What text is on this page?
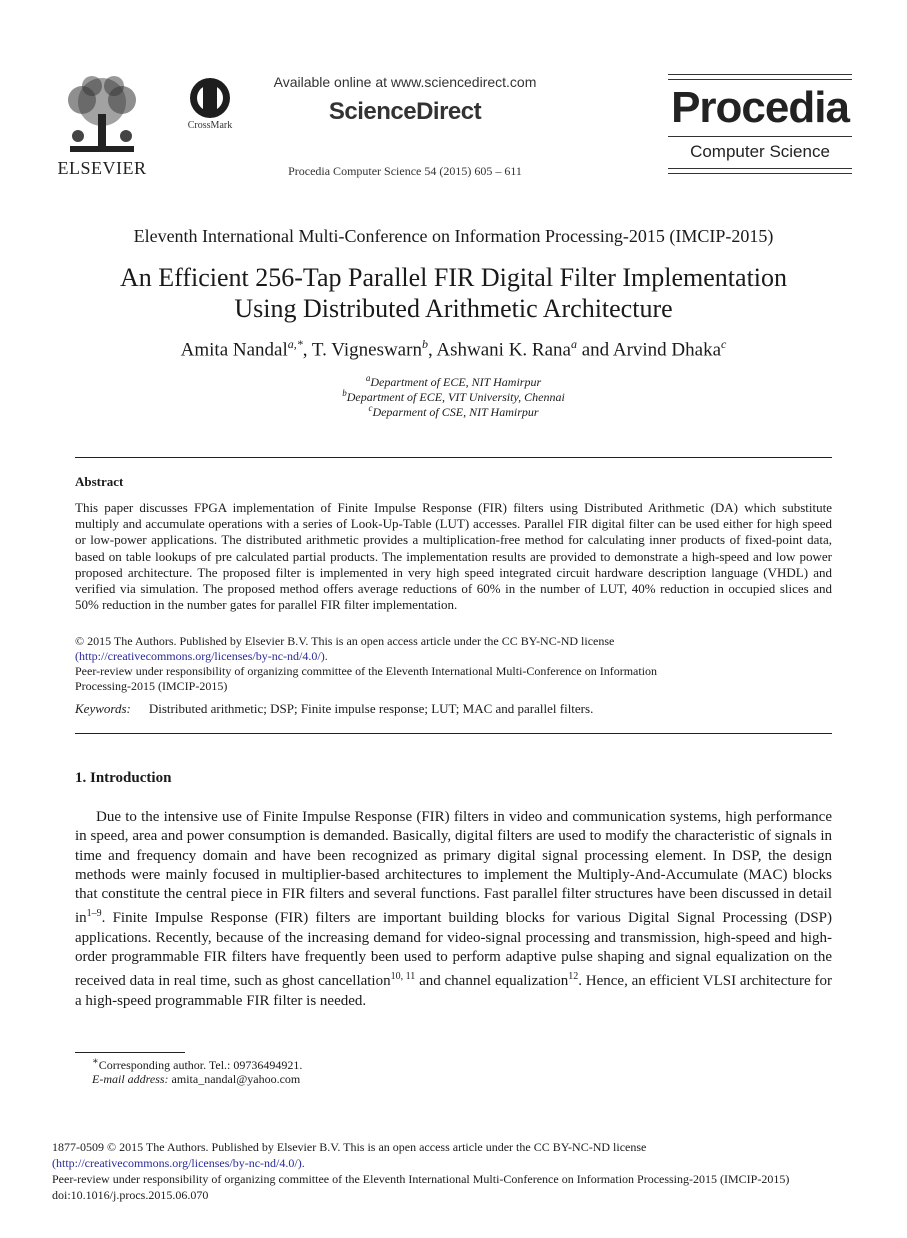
ELSEVIER
CrossMark
Available online at www.sciencedirect.com
ScienceDirect
Procedia Computer Science 54 (2015) 605 – 611
Procedia
Computer Science
Eleventh International Multi-Conference on Information Processing-2015 (IMCIP-2015)
An Efficient 256-Tap Parallel FIR Digital Filter Implementation
Using Distributed Arithmetic Architecture
Amita Nandal$^{a,*}$, T. Vigneswarn$^b$, Ashwani K. Rana$^a$ and Arvind Dhaka$^c$
$^a$Department of ECE, NIT Hamirpur
$^b$Department of ECE, VIT University, Chennai
$^c$Deparment of CSE, NIT Hamirpur
Abstract
This paper discusses FPGA implementation of Finite Impulse Response (FIR) filters using Distributed Arithmetic (DA) which substitute multiply and accumulate operations with a series of Look-Up-Table (LUT) accesses. Parallel FIR digital filter can be used either for high speed or low-power applications. The distributed arithmetic provides a multiplication-free method for calculating inner products of fixed-point data, based on table lookups of pre calculated partial products. The implementation results are provided to demonstrate a high-speed and low power proposed architecture. The proposed filter is implemented in very high speed integrated circuit hardware description language (VHDL) and verified via simulation. The proposed method offers average reductions of 60% in the number of LUT, 40% reduction in occupied slices and 50% reduction in the number gates for parallel FIR filter implementation.
© 2015 The Authors. Published by Elsevier B.V. This is an open access article under the CC BY-NC-ND license
(http://creativecommons.org/licenses/by-nc-nd/4.0/).
Peer-review under responsibility of organizing committee of the Eleventh International Multi-Conference on Information
Processing-2015 (IMCIP-2015)
Keywords: Distributed arithmetic; DSP; Finite impulse response; LUT; MAC and parallel filters.
1. Introduction
Due to the intensive use of Finite Impulse Response (FIR) filters in video and communication systems, high performance in speed, area and power consumption is demanded. Basically, digital filters are used to modify the characteristic of signals in time and frequency domain and have been recognized as primary digital signal processing element. In DSP, the design methods were mainly focused in multiplier-based architectures to implement the Multiply-And-Accumulate (MAC) blocks that constitute the central piece in FIR filters and several functions. Fast parallel filter structures have been discussed in detail $in^{1-9}$. Finite Impulse Response (FIR) filters are important building blocks for various Digital Signal Processing (DSP) applications. Recently, because of the increasing demand for video-signal processing and transmission, high-speed and high-order programmable FIR filters have frequently been used to perform adaptive pulse shaping and signal equalization on the received data in real time, such as ghost cancellation$^{10, 11}$ and channel equalization$^{12}$. Hence, an efficient VLSI architecture for a high-speed programmable FIR filter is needed.
∗Corresponding author. Tel.: 09736494921.
E-mail address: amita_nandal@yahoo.com
1877-0509 © 2015 The Authors. Published by Elsevier B.V. This is an open access article under the CC BY-NC-ND license
(http://creativecommons.org/licenses/by-nc-nd/4.0/).
Peer-review under responsibility of organizing committee of the Eleventh International Multi-Conference on Information Processing-2015 (IMCIP-2015)
doi:10.1016/j.procs.2015.06.070
